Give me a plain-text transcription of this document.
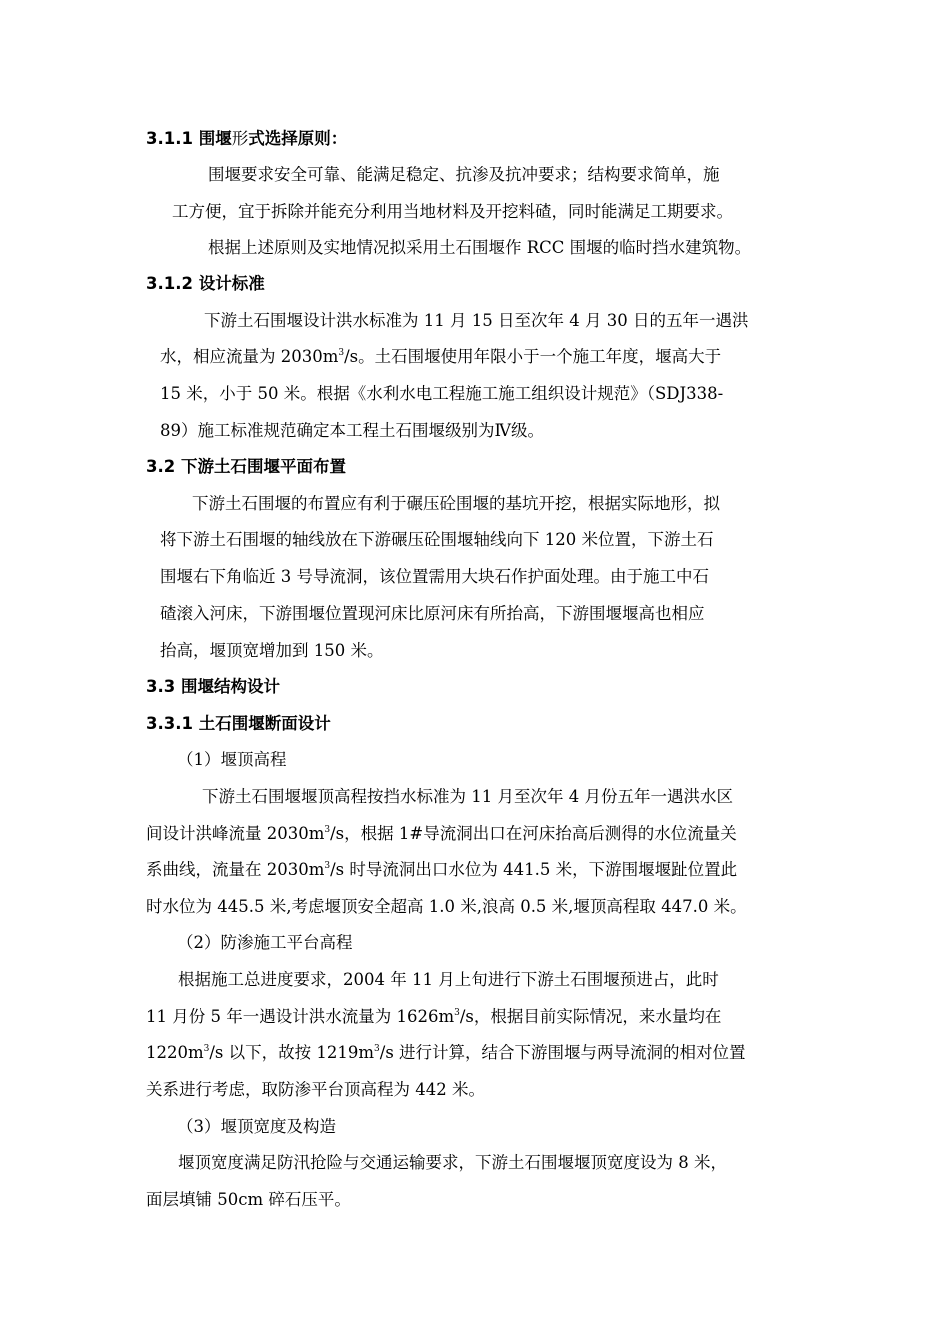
3.1.1 围堰形式选择原则：
围堰要求安全可靠、能满足稳定、抗渗及抗冲要求；结构要求简单，施
工方便，宜于拆除并能充分利用当地材料及开挖料碴，同时能满足工期要求。
根据上述原则及实地情况拟采用土石围堰作 RCC 围堰的临时挡水建筑物。
3.1.2 设计标准
下游土石围堰设计洪水标准为 11 月 15 日至次年 4 月 30 日的五年一遇洪
水，相应流量为 $2030m^3/s$。土石围堰使用年限小于一个施工年度，堰高大于
15 米，小于 50 米。根据《水利水电工程施工施工组织设计规范》（SDJ338-
89）施工标准规范确定本工程土石围堰级别为Ⅳ级。
3.2 下游土石围堰平面布置
下游土石围堰的布置应有利于碾压砼围堰的基坑开挖，根据实际地形，拟
将下游土石围堰的轴线放在下游碾压砼围堰轴线向下 120 米位置，下游土石
围堰右下角临近 3 号导流洞，该位置需用大块石作护面处理。由于施工中石
碴滚入河床，下游围堰位置现河床比原河床有所抬高，下游围堰堰高也相应
抬高，堰顶宽增加到 150 米。
3.3 围堰结构设计
3.3.1 土石围堰断面设计
（1）堰顶高程
下游土石围堰堰顶高程按挡水标准为 11 月至次年 4 月份五年一遇洪水区
间设计洪峰流量 $2030m^3/s$，根据 1#导流洞出口在河床抬高后测得的水位流量关
系曲线，流量在 $2030m^3/s$ 时导流洞出口水位为 441.5 米，下游围堰堰趾位置此
时水位为 445.5 米,考虑堰顶安全超高 1.0 米,浪高 0.5 米,堰顶高程取 447.0 米。
（2）防渗施工平台高程
根据施工总进度要求，2004 年 11 月上旬进行下游土石围堰预进占，此时
11 月份 5 年一遇设计洪水流量为 $1626m^3/s$，根据目前实际情况，来水量均在
$1220m^3/s$ 以下，故按 $1219m^3/s$ 进行计算，结合下游围堰与两导流洞的相对位置
关系进行考虑，取防渗平台顶高程为 442 米。
（3）堰顶宽度及构造
堰顶宽度满足防汛抢险与交通运输要求，下游土石围堰堰顶宽度设为 8 米，
面层填铺 50cm 碎石压平。
